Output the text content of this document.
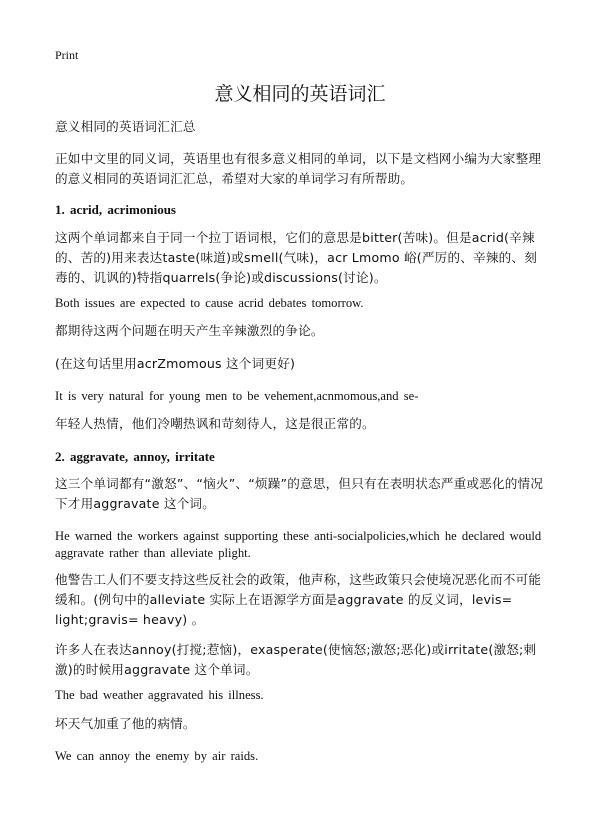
Print
意义相同的英语词汇
意义相同的英语词汇汇总
正如中文里的同义词，英语里也有很多意义相同的单词，以下是文档网小编为大家整理的意义相同的英语词汇汇总，希望对大家的单词学习有所帮助。
1. acrid, acrimonious
这两个单词都来自于同一个拉丁语词根，它们的意思是bitter(苦味)。但是acrid(辛辣的、苦的)用来表达taste(味道)或smell(气味)，acr Lmomo 峪(严厉的、辛辣的、刻毒的、讥讽的)特指quarrels(争论)或discussions(讨论)。
Both issues are expected to cause acrid debates tomorrow.
都期待这两个问题在明天产生辛辣激烈的争论。
(在这句话里用acrZmomous 这个词更好)
It is very natural for young men to be vehement,acnmomous,and se-
年轻人热情，他们冷嘲热讽和苛刻待人，这是很正常的。
2. aggravate, annoy, irritate
这三个单词都有“激怒”、“恼火”、“烦躁”的意思，但只有在表明状态严重或恶化的情况下才用aggravate 这个词。
He warned the workers against supporting these anti-socialpolicies,which he declared would aggravate rather than alleviate plight.
他警告工人们不要支持这些反社会的政策，他声称，这些政策只会使境况恶化而不可能缓和。(例句中的alleviate 实际上在语源学方面是aggravate 的反义词，levis= light;gravis= heavy) 。
许多人在表达annoy(打搅;惹恼)，exasperate(使恼怒;激怒;恶化)或irritate(激怒;刺激)的时候用aggravate 这个单词。
The bad weather aggravated his illness.
坏天气加重了他的病情。
We can annoy the enemy by air raids.
